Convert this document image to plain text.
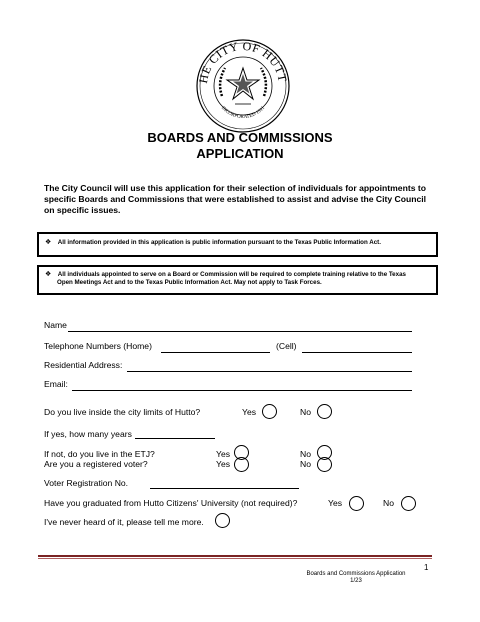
HE CITY OF HUTT
INCORPORATED 1911
BOARDS AND COMMISSIONS
APPLICATION
The City Council will use this application for their selection of individuals for appointments to specific Boards and Commissions that were established to assist and advise the City Council on specific issues.
❖ All information provided in this application is public information pursuant to the Texas Public Information Act.
❖ All individuals appointed to serve on a Board or Commission will be required to complete training relative to the Texas
Open Meetings Act and to the Texas Public Information Act. May not apply to Task Forces.
Name
Telephone Numbers (Home)	(Cell)
Residential Address:
Email:
Do you live inside the city limits of Hutto?	Yes	No
If yes, how many years
If not, do you live in the ETJ?	Yes	No
Are you a registered voter?	Yes	No
Voter Registration No.
Have you graduated from Hutto Citizens' University (not required)?	Yes	No
I've never heard of it, please tell me more.
1
Boards and Commissions Application
1/23
